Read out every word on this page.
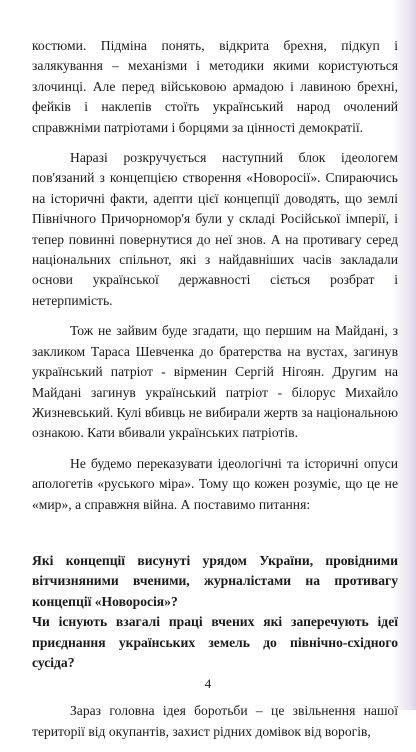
костюми. Підміна понять, відкрита брехня, підкуп і залякування – механізми і методики якими користуються злочинці. Але перед військовою армадою і лавиною брехні, фейків і наклепів стоїть український народ очолений справжніми патріотами і борцями за цінності демократії.

Наразі розкручується наступний блок ідеологем пов'язаний з концепцією створення «Новоросії». Спираючись на історичні факти, адепти цієї концепції доводять, що землі Північного Причорномор'я були у складі Російської імперії, і тепер повинні повернутися до неї знов. А на противагу серед національних спільнот, які з найдавніших часів закладали основи української державності сіється розбрат і нетерпимість.

Тож не зайвим буде згадати, що першим на Майдані, з закликом Тараса Шевченка до братерства на вустах, загинув український патріот - вірменин Сергій Нігоян. Другим на Майдані загинув український патріот - білорус Михайло Жизневський. Кулі вбивць не вибирали жертв за національною ознакою. Кати вбивали українських патріотів.

Не будемо переказувати ідеологічні та історичні опуси апологетів «руського міра». Тому що кожен розуміє, що це не «мир», а справжня війна. А поставимо питання:

Які концепції висунуті урядом України, провідними вітчизняними вченими, журналістами на противагу концепції «Новоросія»?

Чи існують взагалі праці вчених які заперечують ідеї приєднання українських земель до північно-східного сусіда?

Зараз головна ідея боротьби – це звільнення нашої території від окупантів, захист рідних домівок від ворогів,

4
